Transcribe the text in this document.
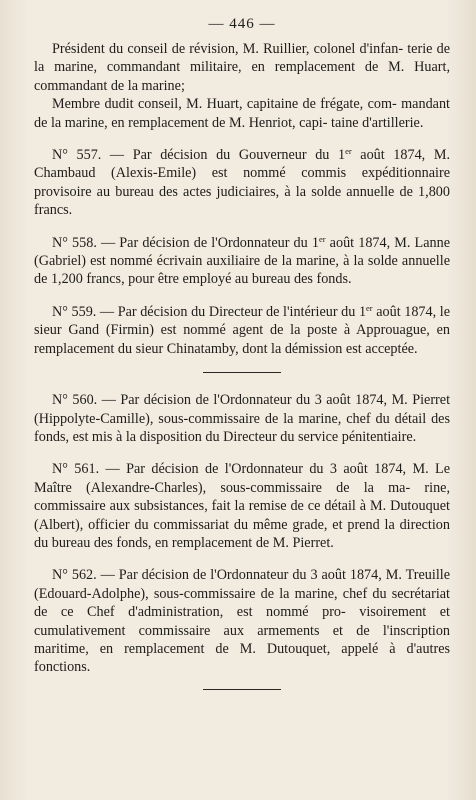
— 446 —

Président du conseil de révision, M. Ruillier, colonel d'infan- terie de la marine, commandant militaire, en remplacement de M. Huart, commandant de la marine;

Membre dudit conseil, M. Huart, capitaine de frégate, com- mandant de la marine, en remplacement de M. Henriot, capi- taine d'artillerie.

N° 557. — Par décision du Gouverneur du 1er août 1874, M. Chambaud (Alexis-Emile) est nommé commis expéditionnaire provisoire au bureau des actes judiciaires, à la solde annuelle de 1,800 francs.

N° 558. — Par décision de l'Ordonnateur du 1er août 1874, M. Lanne (Gabriel) est nommé écrivain auxiliaire de la marine, à la solde annuelle de 1,200 francs, pour être employé au bureau des fonds.

N° 559. — Par décision du Directeur de l'intérieur du 1er août 1874, le sieur Gand (Firmin) est nommé agent de la poste à Approuague, en remplacement du sieur Chinatamby, dont la démission est acceptée.

N° 560. — Par décision de l'Ordonnateur du 3 août 1874, M. Pierret (Hippolyte-Camille), sous-commissaire de la marine, chef du détail des fonds, est mis à la disposition du Directeur du service pénitentiaire.

N° 561. — Par décision de l'Ordonnateur du 3 août 1874, M. Le Maître (Alexandre-Charles), sous-commissaire de la ma- rine, commissaire aux subsistances, fait la remise de ce détail à M. Dutouquet (Albert), officier du commissariat du même grade, et prend la direction du bureau des fonds, en remplacement de M. Pierret.

N° 562. — Par décision de l'Ordonnateur du 3 août 1874, M. Treuille (Edouard-Adolphe), sous-commissaire de la marine, chef du secrétariat de ce Chef d'administration, est nommé pro- visoirement et cumulativement commissaire aux armements et de l'inscription maritime, en remplacement de M. Dutouquet, appelé à d'autres fonctions.
